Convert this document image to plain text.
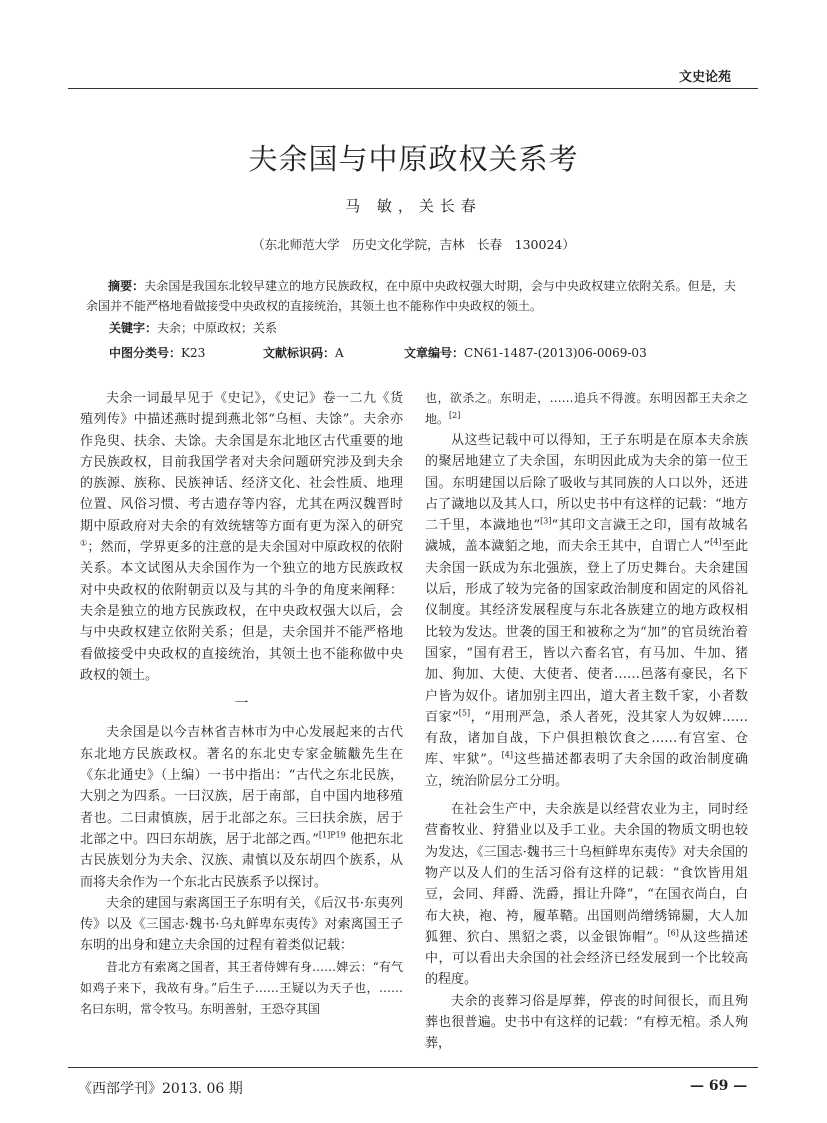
文史论苑
夫余国与中原政权关系考
马 敏，关长春
（东北师范大学　历史文化学院，吉林　长春　130024）
摘要：夫余国是我国东北较早建立的地方民族政权，在中原中央政权强大时期，会与中央政权建立依附关系。但是，夫余国并不能严格地看做接受中央政权的直接统治，其领土也不能称作中央政权的领土。
关键字：夫余；中原政权；关系
中图分类号：K23	文献标识码：A	文章编号：CN61-1487-(2013)06-0069-03

夫余一词最早见于《史记》，《史记》卷一二九《货殖列传》中描述燕时提到燕北邻“乌桓、夫馀”。夫余亦作凫臾、扶余、夫馀。夫余国是东北地区古代重要的地方民族政权，目前我国学者对夫余问题研究涉及到夫余的族源、族称、民族神话、经济文化、社会性质、地理位置、风俗习惯、考古遗存等内容，尤其在两汉魏晋时期中原政府对夫余的有效统辖等方面有更为深入的研究①；然而，学界更多的注意的是夫余国对中原政权的依附关系。本文试图从夫余国作为一个独立的地方民族政权对中央政权的依附朝贡以及与其的斗争的角度来阐释：夫余是独立的地方民族政权，在中央政权强大以后，会与中央政权建立依附关系；但是，夫余国并不能严格地看做接受中央政权的直接统治，其领土也不能称做中央政权的领土。

一

夫余国是以今吉林省吉林市为中心发展起来的古代东北地方民族政权。著名的东北史专家金毓黻先生在《东北通史》（上编）一书中指出：“古代之东北民族，大别之为四系。一曰汉族，居于南部，自中国内地移殖者也。二曰肃慎族，居于北部之东。三曰扶余族，居于北部之中。四曰东胡族，居于北部之西。”$^{[1]P19}$ 他把东北古民族划分为夫余、汉族、肃慎以及东胡四个族系，从而将夫余作为一个东北古民族系予以探讨。

夫余的建国与索离国王子东明有关，《后汉书·东夷列传》以及《三国志·魏书·乌丸鲜卑东夷传》对索离国王子东明的出身和建立夫余国的过程有着类似记载：

昔北方有索离之国者，其王者侍婢有身……婢云：“有气如鸡子来下，我故有身。”后生子……王疑以为天子也，……名曰东明，常令牧马。东明善射，王恐夺其国

也，欲杀之。东明走，……追兵不得渡。东明因都王夫余之地。[2]

从这些记载中可以得知，王子东明是在原本夫余族的聚居地建立了夫余国，东明因此成为夫余的第一位王国。东明建国以后除了吸收与其同族的人口以外，还进占了濊地以及其人口，所以史书中有这样的记载：“地方二千里，本濊地也”[3]“其印文言濊王之印，国有故城名濊城，盖本濊貊之地，而夫余王其中，自谓亡人”[4]至此夫余国一跃成为东北强族，登上了历史舞台。夫余建国以后，形成了较为完备的国家政治制度和固定的风俗礼仪制度。其经济发展程度与东北各族建立的地方政权相比较为发达。世袭的国王和被称之为“加”的官员统治着国家，“国有君王，皆以六畜名官，有马加、牛加、猪加、狗加、大使、大使者、使者……邑落有豪民，名下户皆为奴仆。诸加别主四出，道大者主数千家，小者数百家”[5]，“用刑严急，杀人者死，没其家人为奴婢……有敌，诸加自战，下户俱担粮饮食之……有宫室、仓库、牢狱”。[4]这些描述都表明了夫余国的政治制度确立，统治阶层分工分明。

在社会生产中，夫余族是以经营农业为主，同时经营畜牧业、狩猎业以及手工业。夫余国的物质文明也较为发达，《三国志·魏书三十乌桓鲜卑东夷传》对夫余国的物产以及人们的生活习俗有这样的记载：“食饮皆用俎豆，会同、拜爵、洗爵，揖让升降”，“在国衣尚白，白布大袂，袍、袴，履革鞜。出国则尚缯绣锦罽，大人加狐狸、狖白、黑貂之裘，以金银饰帽”。[6]从这些描述中，可以看出夫余国的社会经济已经发展到一个比较高的程度。

夫余的丧葬习俗是厚葬，停丧的时间很长，而且殉葬也很普遍。史书中有这样的记载：“有椁无棺。杀人殉葬，

《西部学刊》2013. 06 期	— 69 —
